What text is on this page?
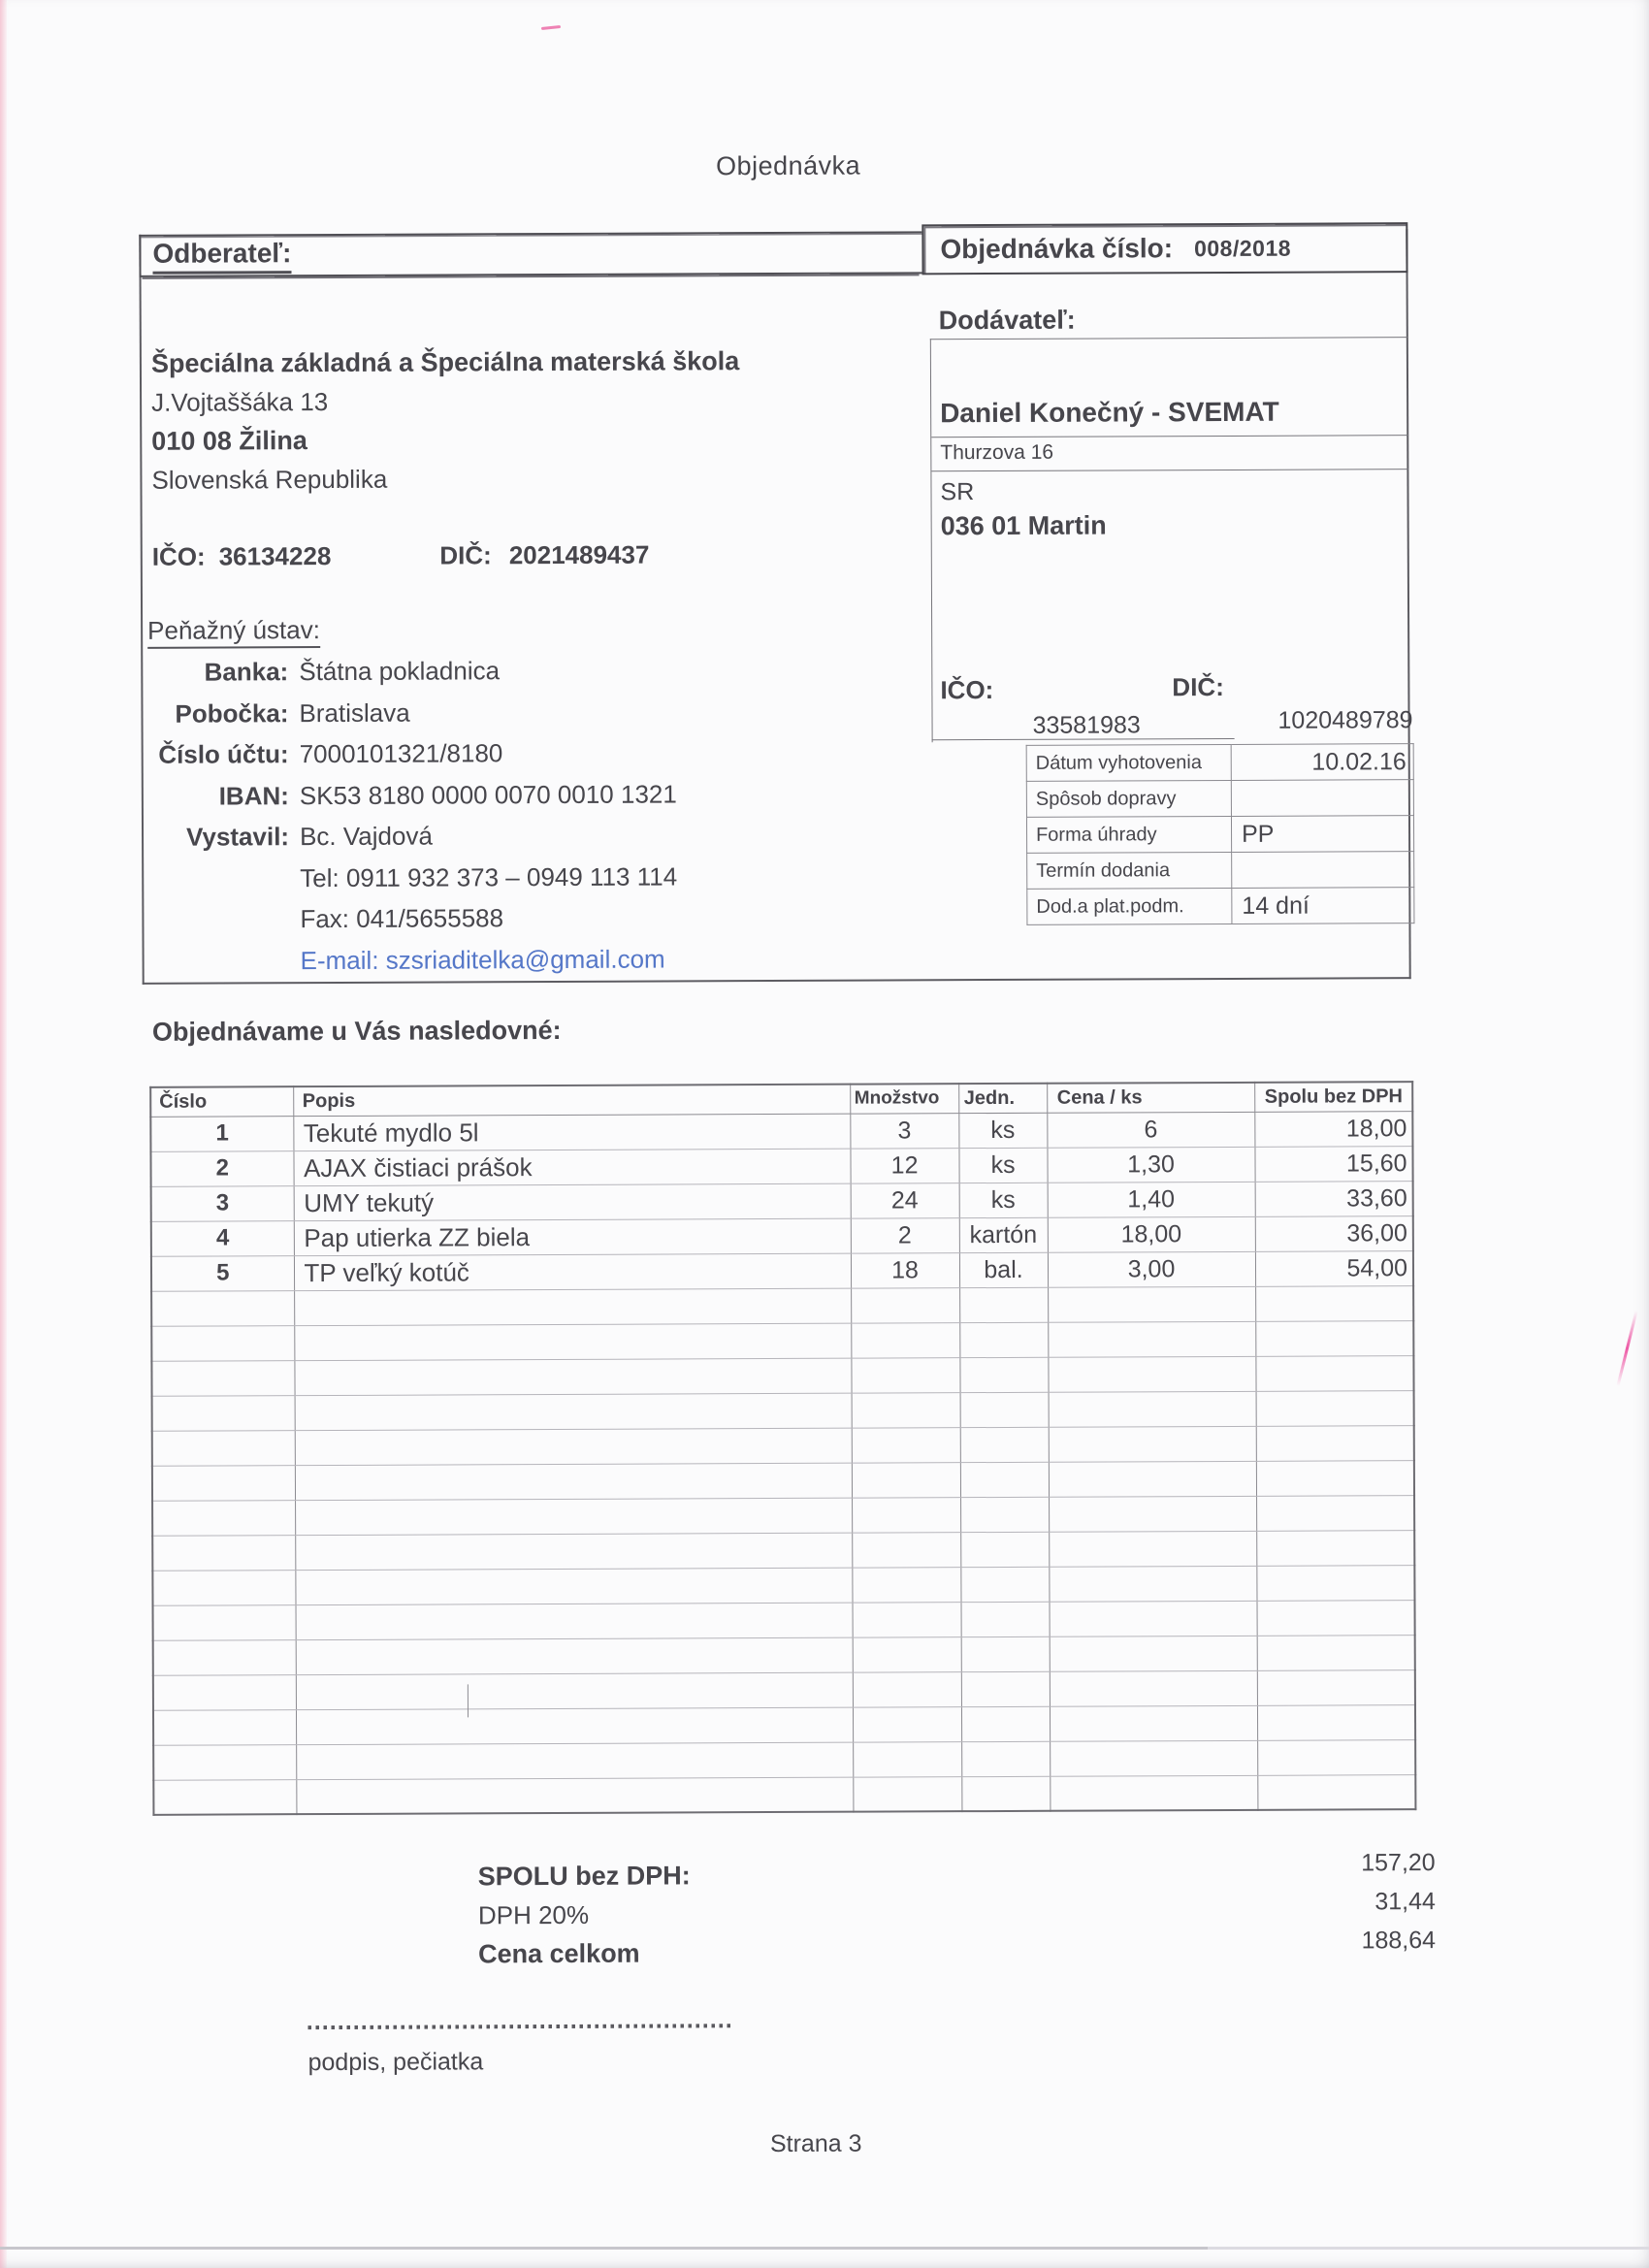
Objednávka
Odberateľ:	Objednávka číslo: 008/2018
Špeciálna základná a Špeciálna materská škola
J.Vojtaššáka 13
010 08 Žilina
Slovenská Republika
IČO: 36134228	DIČ: 2021489437
Peňažný ústav:
Banka: Štátna pokladnica
Pobočka: Bratislava
Číslo účtu: 7000101321/8180
IBAN: SK53 8180 0000 0070 0010 1321
Vystavil: Bc. Vajdová
Tel: 0911 932 373 – 0949 113 114
Fax: 041/5655588
E-mail: szsriaditelka@gmail.com
Dodávateľ:
Daniel Konečný - SVEMAT
Thurzova 16
SR
036 01 Martin
IČO:	DIČ:
33581983	1020489789
Dátum vyhotovenia	10.02.16
Spôsob dopravy	
Forma úhrady	PP
Termín dodania	
Dod.a plat.podm.	14 dní
Objednávame u Vás nasledovné:
Číslo	Popis	Množstvo	Jedn.	Cena / ks	Spolu bez DPH
1	Tekuté mydlo 5l	3	ks	6	18,00
2	AJAX čistiaci prášok	12	ks	1,30	15,60
3	UMY tekutý	24	ks	1,40	33,60
4	Pap utierka ZZ biela	2	kartón	18,00	36,00
5	TP veľký kotúč	18	bal.	3,00	54,00

SPOLU bez DPH:	157,20
DPH 20%	31,44
Cena celkom	188,64
podpis, pečiatka
Strana 3
